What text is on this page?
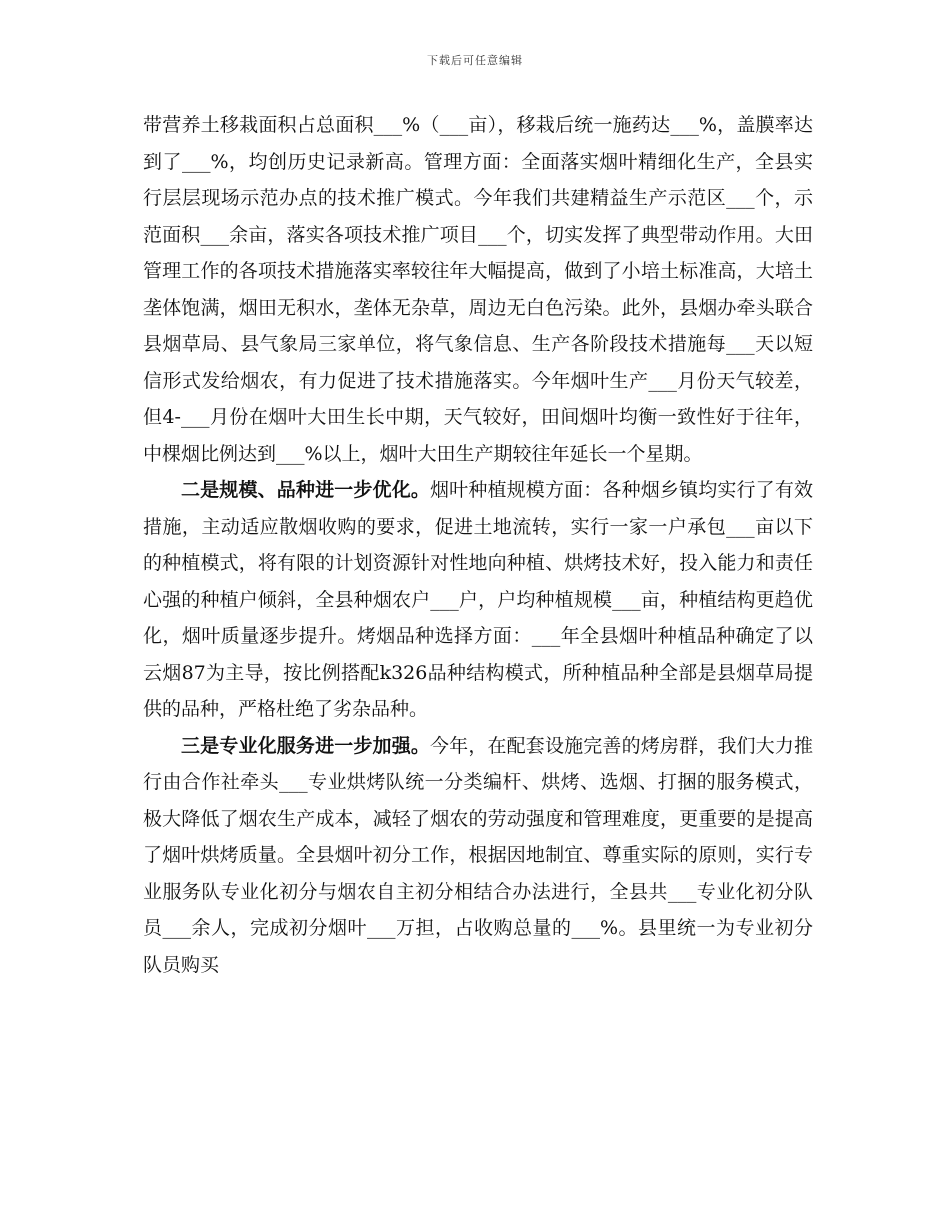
下载后可任意编辑

带营养土移栽面积占总面积___%（___亩），移栽后统一施药达___%，盖膜率达到了___%，均创历史记录新高。管理方面：全面落实烟叶精细化生产，全县实行层层现场示范办点的技术推广模式。今年我们共建精益生产示范区___个，示范面积___余亩，落实各项技术推广项目___个，切实发挥了典型带动作用。大田管理工作的各项技术措施落实率较往年大幅提高，做到了小培土标准高，大培土垄体饱满，烟田无积水，垄体无杂草，周边无白色污染。此外，县烟办牵头联合县烟草局、县气象局三家单位，将气象信息、生产各阶段技术措施每___天以短信形式发给烟农，有力促进了技术措施落实。今年烟叶生产___月份天气较差，但4-___月份在烟叶大田生长中期，天气较好，田间烟叶均衡一致性好于往年，中棵烟比例达到___%以上，烟叶大田生产期较往年延长一个星期。

二是规模、品种进一步优化。烟叶种植规模方面：各种烟乡镇均实行了有效措施，主动适应散烟收购的要求，促进土地流转，实行一家一户承包___亩以下的种植模式，将有限的计划资源针对性地向种植、烘烤技术好，投入能力和责任心强的种植户倾斜，全县种烟农户___户，户均种植规模___亩，种植结构更趋优化，烟叶质量逐步提升。烤烟品种选择方面：___年全县烟叶种植品种确定了以云烟87为主导，按比例搭配k326品种结构模式，所种植品种全部是县烟草局提供的品种，严格杜绝了劣杂品种。

三是专业化服务进一步加强。今年，在配套设施完善的烤房群，我们大力推行由合作社牵头___专业烘烤队统一分类编杆、烘烤、选烟、打捆的服务模式，极大降低了烟农生产成本，减轻了烟农的劳动强度和管理难度，更重要的是提高了烟叶烘烤质量。全县烟叶初分工作，根据因地制宜、尊重实际的原则，实行专业服务队专业化初分与烟农自主初分相结合办法进行，全县共___专业化初分队员___余人，完成初分烟叶___万担，占收购总量的___%。县里统一为专业初分队员购买
